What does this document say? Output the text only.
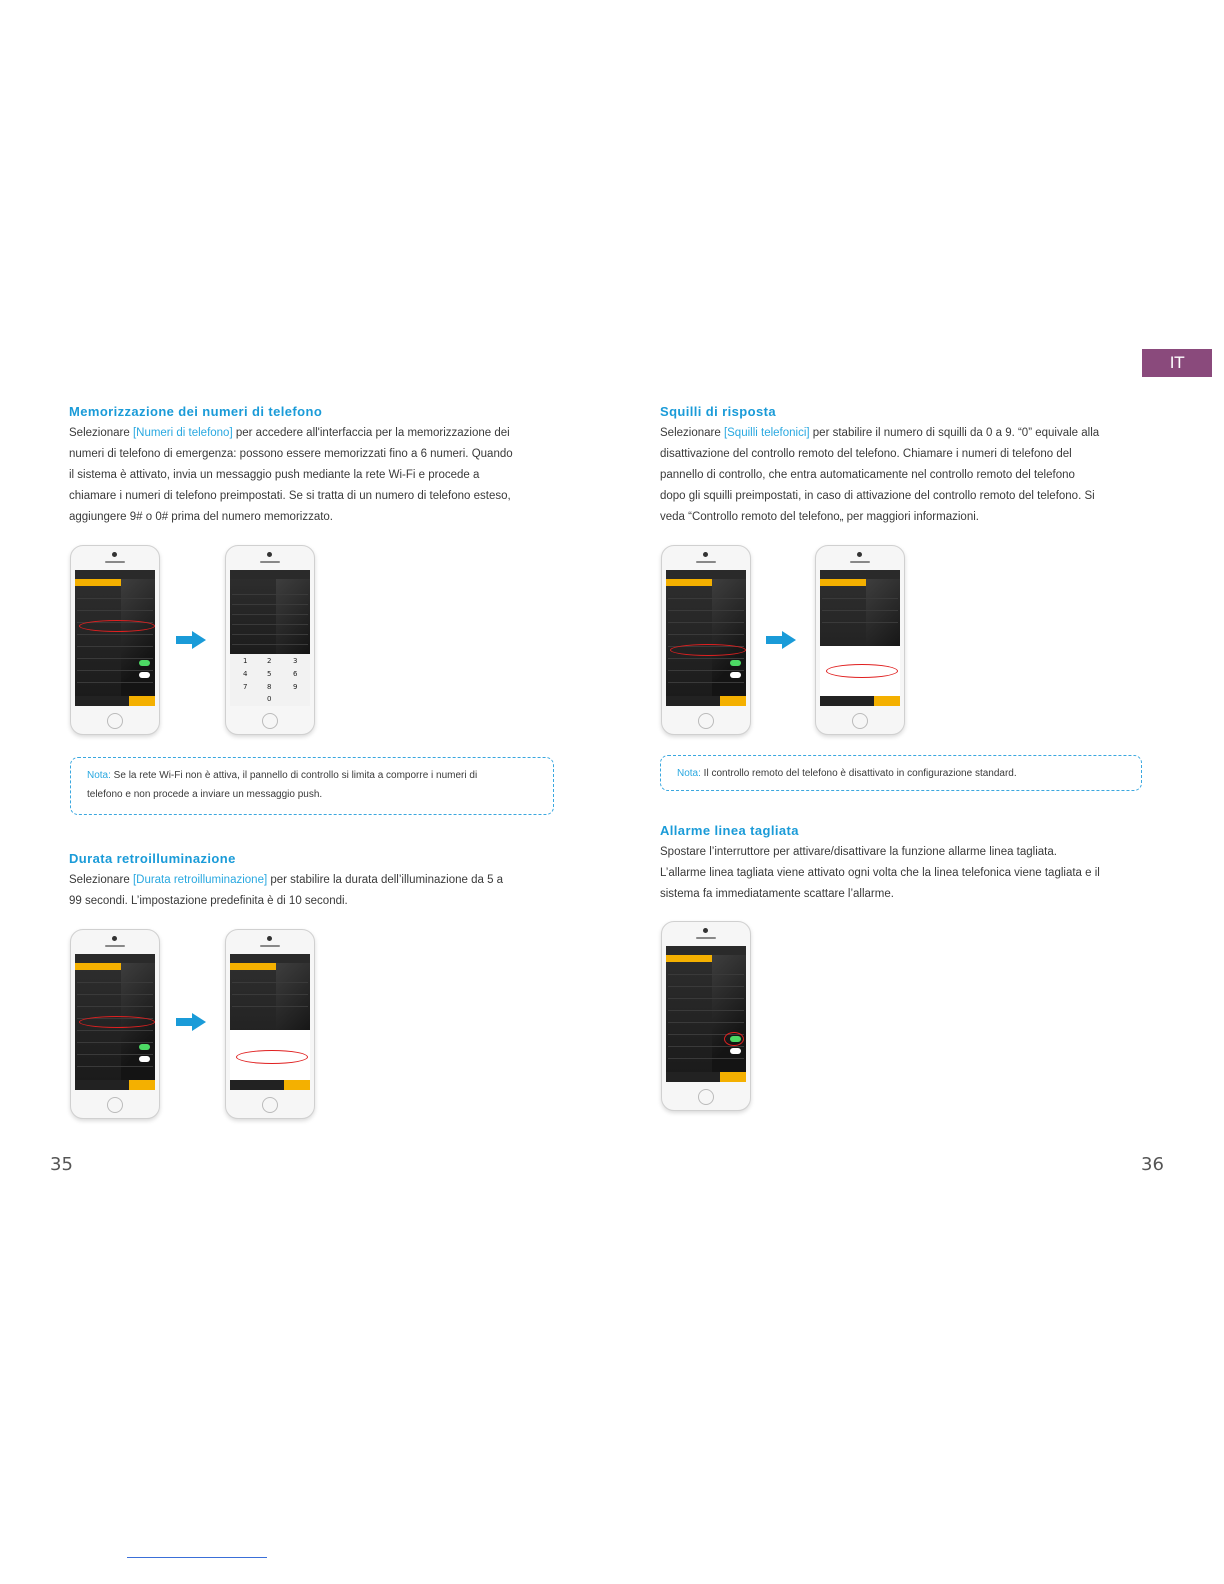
IT
Memorizzazione dei numeri di telefono
Selezionare [Numeri di telefono] per accedere all'interfaccia per la memorizzazione dei
numeri di telefono di emergenza: possono essere memorizzati fino a 6 numeri. Quando
il sistema è attivato, invia un messaggio push mediante la rete Wi-Fi e procede a
chiamare i numeri di telefono preimpostati. Se si tratta di un numero di telefono esteso,
aggiungere 9# o 0# prima del numero memorizzato.
1	2	3
4	5	6
7	8	9
0
Nota: Se la rete Wi-Fi non è attiva, il pannello di controllo si limita a comporre i numeri di
telefono e non procede a inviare un messaggio push.
Durata retroilluminazione
Selezionare [Durata retroilluminazione] per stabilire la durata dell’illuminazione da 5 a
99 secondi. L’impostazione predefinita è di 10 secondi.
35
Squilli di risposta
Selezionare [Squilli telefonici] per stabilire il numero di squilli da 0 a 9. “0” equivale alla
disattivazione del controllo remoto del telefono. Chiamare i numeri di telefono del
pannello di controllo, che entra automaticamente nel controllo remoto del telefono
dopo gli squilli preimpostati, in caso di attivazione del controllo remoto del telefono. Si
veda “Controllo remoto del telefono„ per maggiori informazioni.
Nota: Il controllo remoto del telefono è disattivato in configurazione standard.
Allarme linea tagliata
Spostare l’interruttore per attivare/disattivare la funzione allarme linea tagliata.
L’allarme linea tagliata viene attivato ogni volta che la linea telefonica viene tagliata e il
sistema fa immediatamente scattare l’allarme.
36
